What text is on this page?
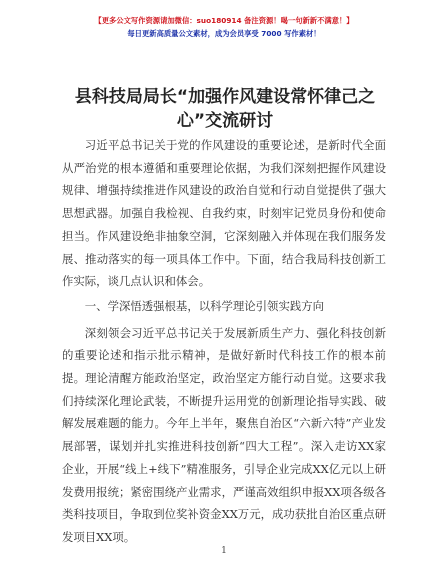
【更多公文写作资源请加微信：suo180914 备注资源！喝一句新新不满意！】
每日更新高质量公文素材，成为会员享受 7000 写作素材！
县科技局局长“加强作风建设常怀律己之
心”交流研讨

习近平总书记关于党的作风建设的重要论述，是新时代全面从严治党的根本遵循和重要理论依据，为我们深刻把握作风建设规律、增强持续推进作风建设的政治自觉和行动自觉提供了强大思想武器。加强自我检视、自我约束，时刻牢记党员身份和使命担当。作风建设绝非抽象空洞，它深刻融入并体现在我们服务发展、推动落实的每一项具体工作中。下面，结合我局科技创新工作实际，谈几点认识和体会。

一、学深悟透强根基，以科学理论引领实践方向

深刻领会习近平总书记关于发展新质生产力、强化科技创新的重要论述和指示批示精神，是做好新时代科技工作的根本前提。理论清醒方能政治坚定，政治坚定方能行动自觉。这要求我们持续深化理论武装，不断提升运用党的创新理论指导实践、破解发展难题的能力。今年上半年，聚焦自治区“六新六特”产业发展部署，谋划并扎实推进科技创新“四大工程”。深入走访XX家企业，开展“线上+线下”精准服务，引导企业完成XX亿元以上研发费用报统；紧密围绕产业需求，严谨高效组织申报XX项各级各类科技项目，争取到位奖补资金XX万元，成功获批自治区重点研发项目XX项。

1
